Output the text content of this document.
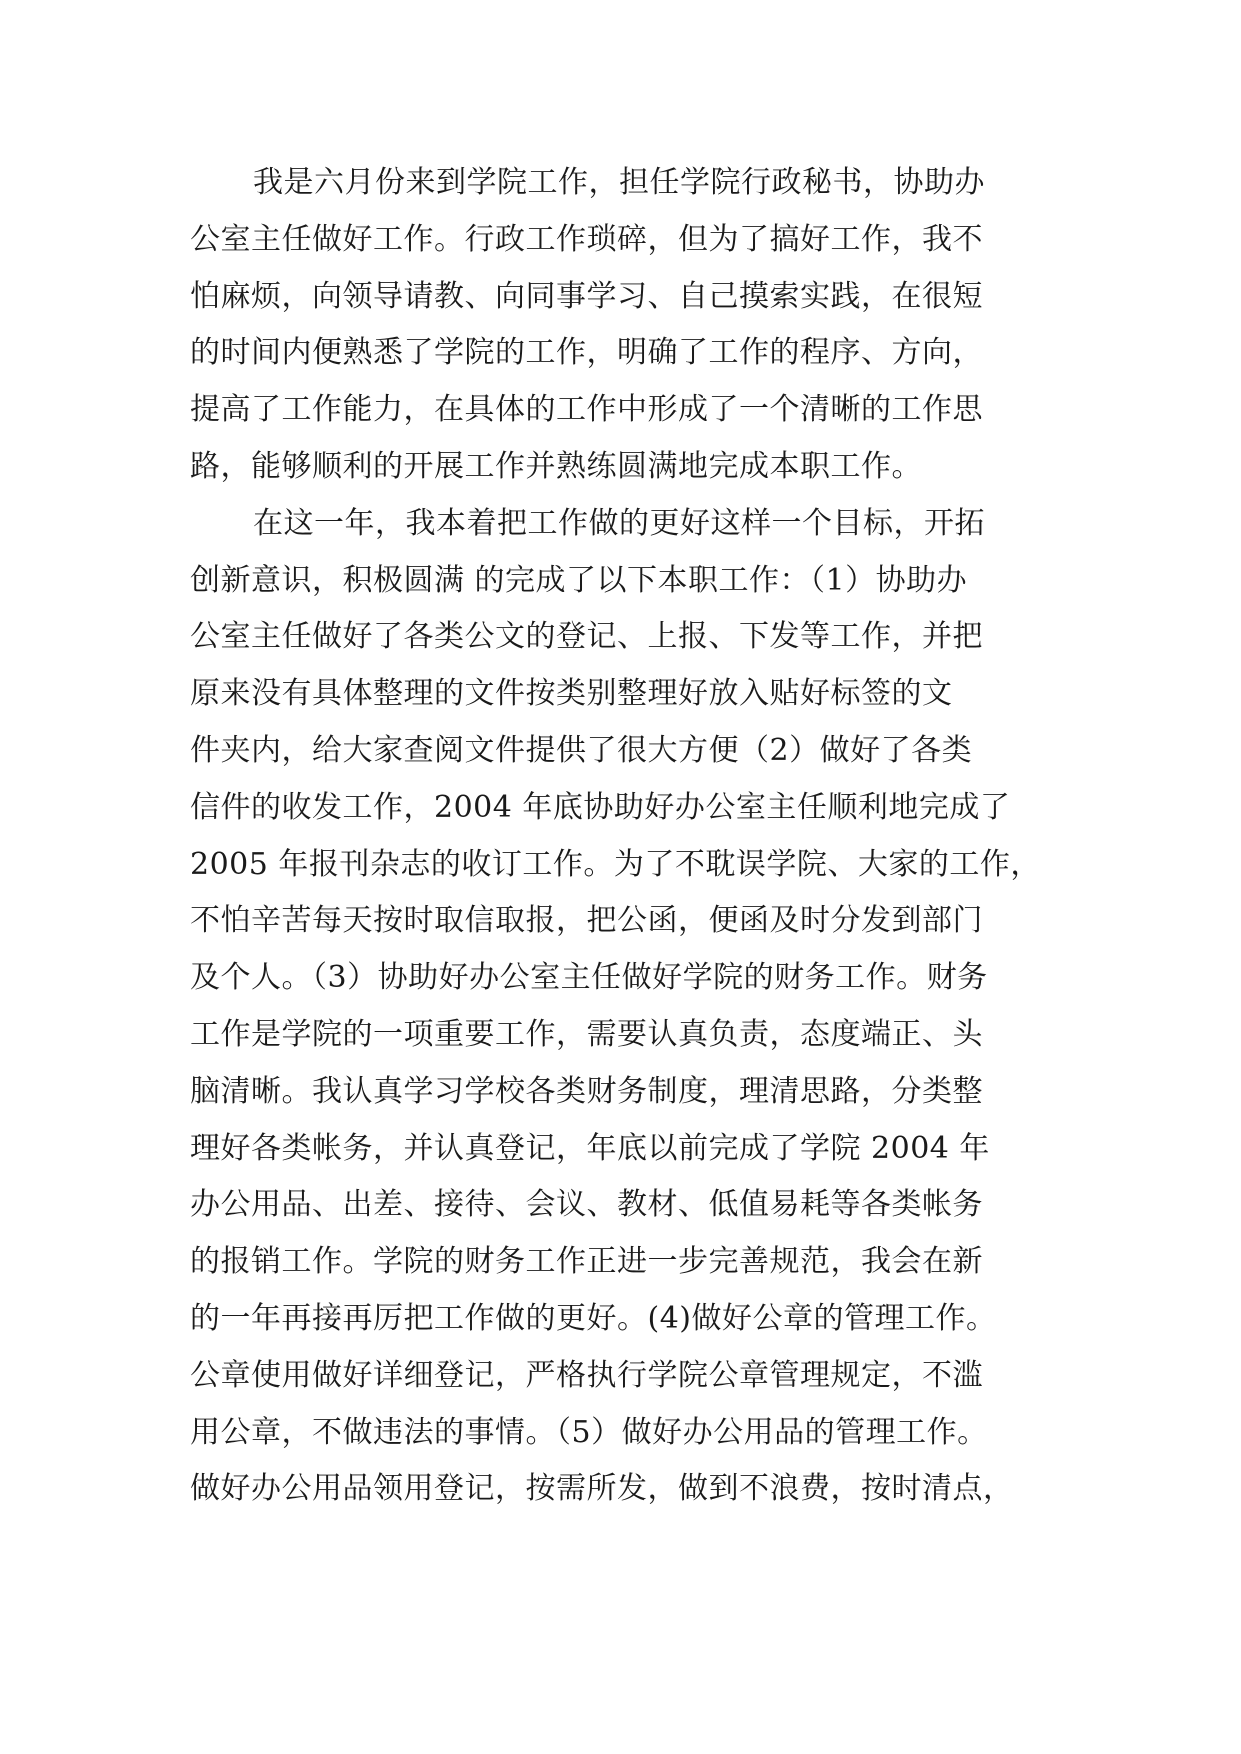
我是六月份来到学院工作，担任学院行政秘书，协助办

公室主任做好工作。行政工作琐碎，但为了搞好工作，我不

怕麻烦，向领导请教、向同事学习、自己摸索实践，在很短

的时间内便熟悉了学院的工作，明确了工作的程序、方向，

提高了工作能力，在具体的工作中形成了一个清晰的工作思

路，能够顺利的开展工作并熟练圆满地完成本职工作。

在这一年，我本着把工作做的更好这样一个目标，开拓

创新意识，积极圆满 的完成了以下本职工作：（1）协助办

公室主任做好了各类公文的登记、上报、下发等工作，并把

原来没有具体整理的文件按类别整理好放入贴好标签的文

件夹内，给大家查阅文件提供了很大方便（2）做好了各类

信件的收发工作，2004 年底协助好办公室主任顺利地完成了

2005 年报刊杂志的收订工作。为了不耽误学院、大家的工作，

不怕辛苦每天按时取信取报，把公函，便函及时分发到部门

及个人。（3）协助好办公室主任做好学院的财务工作。财务

工作是学院的一项重要工作，需要认真负责，态度端正、头

脑清晰。我认真学习学校各类财务制度，理清思路，分类整

理好各类帐务，并认真登记，年底以前完成了学院 2004 年

办公用品、出差、接待、会议、教材、低值易耗等各类帐务

的报销工作。学院的财务工作正进一步完善规范，我会在新

的一年再接再厉把工作做的更好。(4)做好公章的管理工作。

公章使用做好详细登记，严格执行学院公章管理规定，不滥

用公章，不做违法的事情。（5）做好办公用品的管理工作。

做好办公用品领用登记，按需所发，做到不浪费，按时清点，
